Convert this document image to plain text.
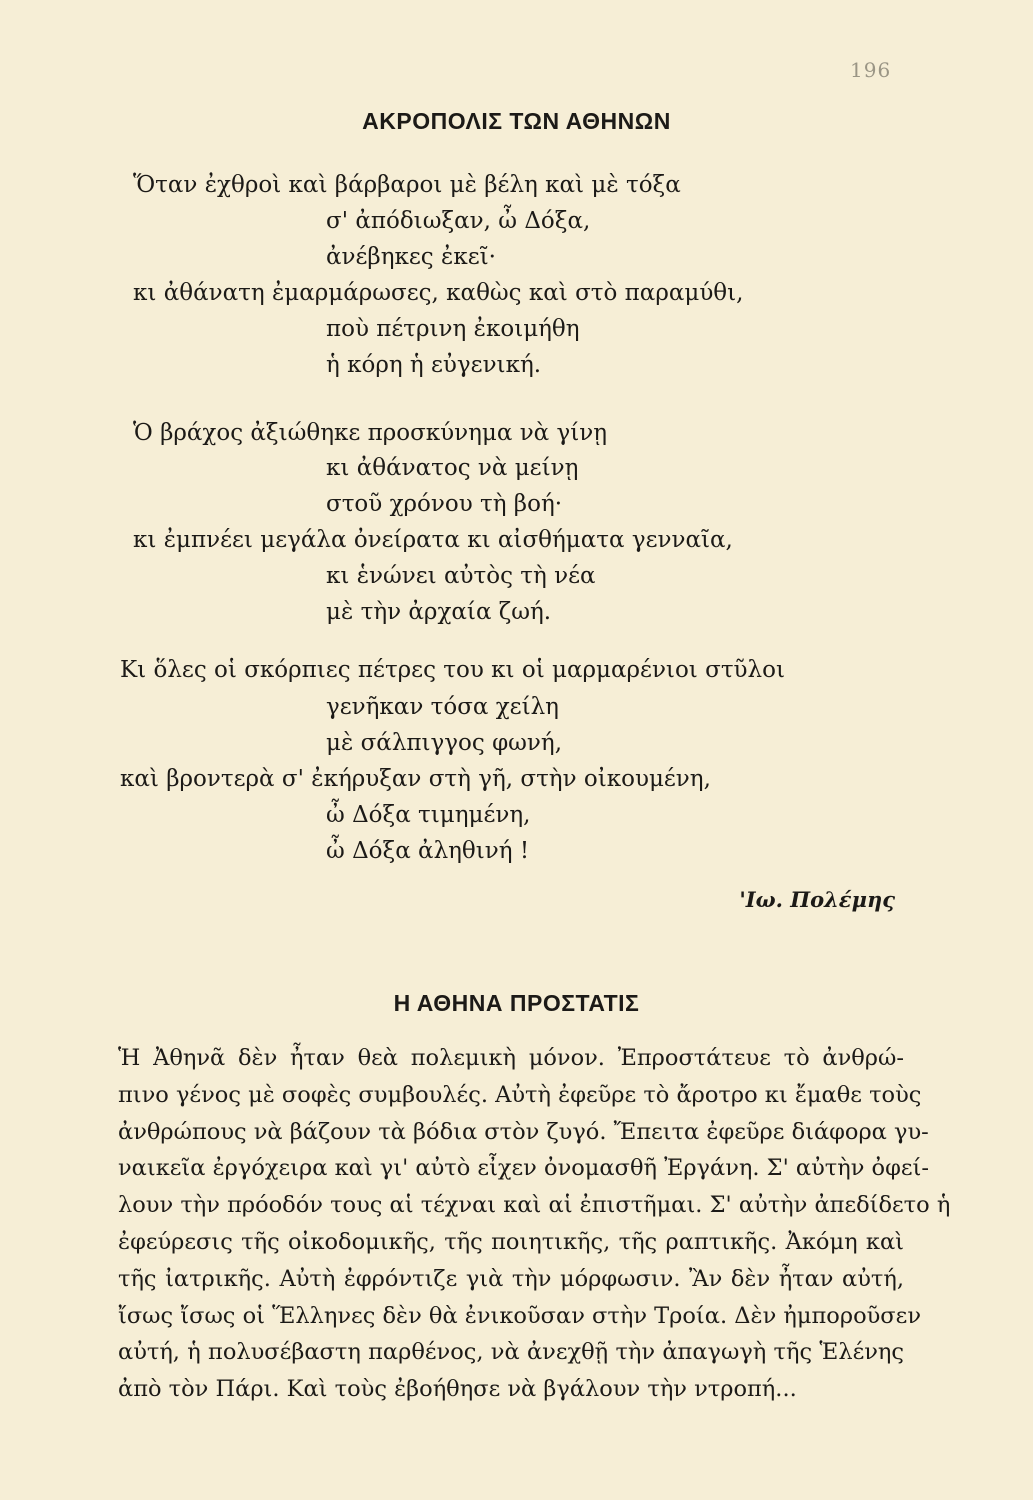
196
ΑΚΡΟΠΟΛΙΣ ΤΩΝ ΑΘΗΝΩΝ
Ὅταν ἐχθροὶ καὶ βάρβαροι μὲ βέλη καὶ μὲ τόξα
σ' ἀπόδιωξαν, ὦ Δόξα,
ἀνέβηκες ἐκεῖ·
κι ἀθάνατη ἐμαρμάρωσες, καθὼς καὶ στὸ παραμύθι,
ποὺ πέτρινη ἐκοιμήθη
ἡ κόρη ἡ εὐγενική.
Ὁ βράχος ἀξιώθηκε προσκύνημα νὰ γίνῃ
κι ἀθάνατος νὰ μείνῃ
στοῦ χρόνου τὴ βοή·
κι ἐμπνέει μεγάλα ὀνείρατα κι αἰσθήματα γενναῖα,
κι ἑνώνει αὐτὸς τὴ νέα
μὲ τὴν ἀρχαία ζωή.
Κι ὅλες οἱ σκόρπιες πέτρες του κι οἱ μαρμαρένιοι στῦλοι
γενῆκαν τόσα χείλη
μὲ σάλπιγγος φωνή,
καὶ βροντερὰ σ' ἐκήρυξαν στὴ γῆ, στὴν οἰκουμένη,
ὦ Δόξα τιμημένη,
ὦ Δόξα ἀληθινή !
'Ιω. Πολέμης
Η ΑΘΗΝΑ ΠΡΟΣΤΑΤΙΣ
Ἡ Ἀθηνᾶ δὲν ἦταν θεὰ πολεμικὴ μόνον. Ἐπροστάτευε τὸ ἀνθρώ-
πινο γένος μὲ σοφὲς συμβουλές. Αὐτὴ ἐφεῦρε τὸ ἄροτρο κι ἔμαθε τοὺς
ἀνθρώπους νὰ βάζουν τὰ βόδια στὸν ζυγό. Ἔπειτα ἐφεῦρε διάφορα γυ-
ναικεῖα ἐργόχειρα καὶ γι' αὐτὸ εἶχεν ὀνομασθῆ Ἐργάνη. Σ' αὐτὴν ὀφεί-
λουν τὴν πρόοδόν τους αἱ τέχναι καὶ αἱ ἐπιστῆμαι. Σ' αὐτὴν ἀπεδίδετο ἡ
ἐφεύρεσις τῆς οἰκοδομικῆς, τῆς ποιητικῆς, τῆς ραπτικῆς. Ἀκόμη καὶ
τῆς ἰατρικῆς. Αὐτὴ ἐφρόντιζε γιὰ τὴν μόρφωσιν. Ἂν δὲν ἦταν αὐτή,
ἴσως ἴσως οἱ Ἕλληνες δὲν θὰ ἐνικοῦσαν στὴν Τροία. Δὲν ἠμποροῦσεν
αὐτή, ἡ πολυσέβαστη παρθένος, νὰ ἀνεχθῇ τὴν ἀπαγωγὴ τῆς Ἑλένης
ἀπὸ τὸν Πάρι. Καὶ τοὺς ἐβοήθησε νὰ βγάλουν τὴν ντροπή...
